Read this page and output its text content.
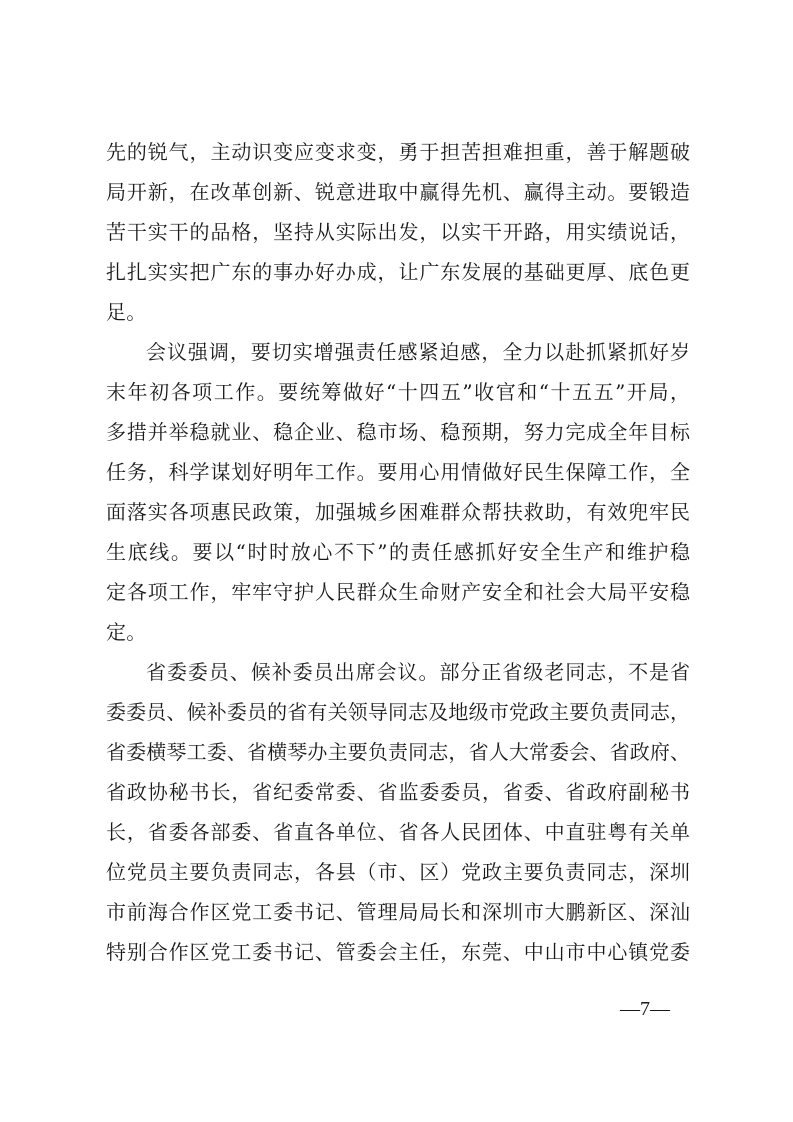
先的锐气，主动识变应变求变，勇于担苦担难担重，善于解题破
局开新，在改革创新、锐意进取中赢得先机、赢得主动。要锻造
苦干实干的品格，坚持从实际出发，以实干开路，用实绩说话，
扎扎实实把广东的事办好办成，让广东发展的基础更厚、底色更
足。
会议强调，要切实增强责任感紧迫感，全力以赴抓紧抓好岁
末年初各项工作。要统筹做好“十四五”收官和“十五五”开局，
多措并举稳就业、稳企业、稳市场、稳预期，努力完成全年目标
任务，科学谋划好明年工作。要用心用情做好民生保障工作，全
面落实各项惠民政策，加强城乡困难群众帮扶救助，有效兜牢民
生底线。要以“时时放心不下”的责任感抓好安全生产和维护稳
定各项工作，牢牢守护人民群众生命财产安全和社会大局平安稳
定。
省委委员、候补委员出席会议。部分正省级老同志，不是省
委委员、候补委员的省有关领导同志及地级市党政主要负责同志，
省委横琴工委、省横琴办主要负责同志，省人大常委会、省政府、
省政协秘书长，省纪委常委、省监委委员，省委、省政府副秘书
长，省委各部委、省直各单位、省各人民团体、中直驻粤有关单
位党员主要负责同志，各县（市、区）党政主要负责同志，深圳
市前海合作区党工委书记、管理局局长和深圳市大鹏新区、深汕
特别合作区党工委书记、管委会主任，东莞、中山市中心镇党委
—7—
